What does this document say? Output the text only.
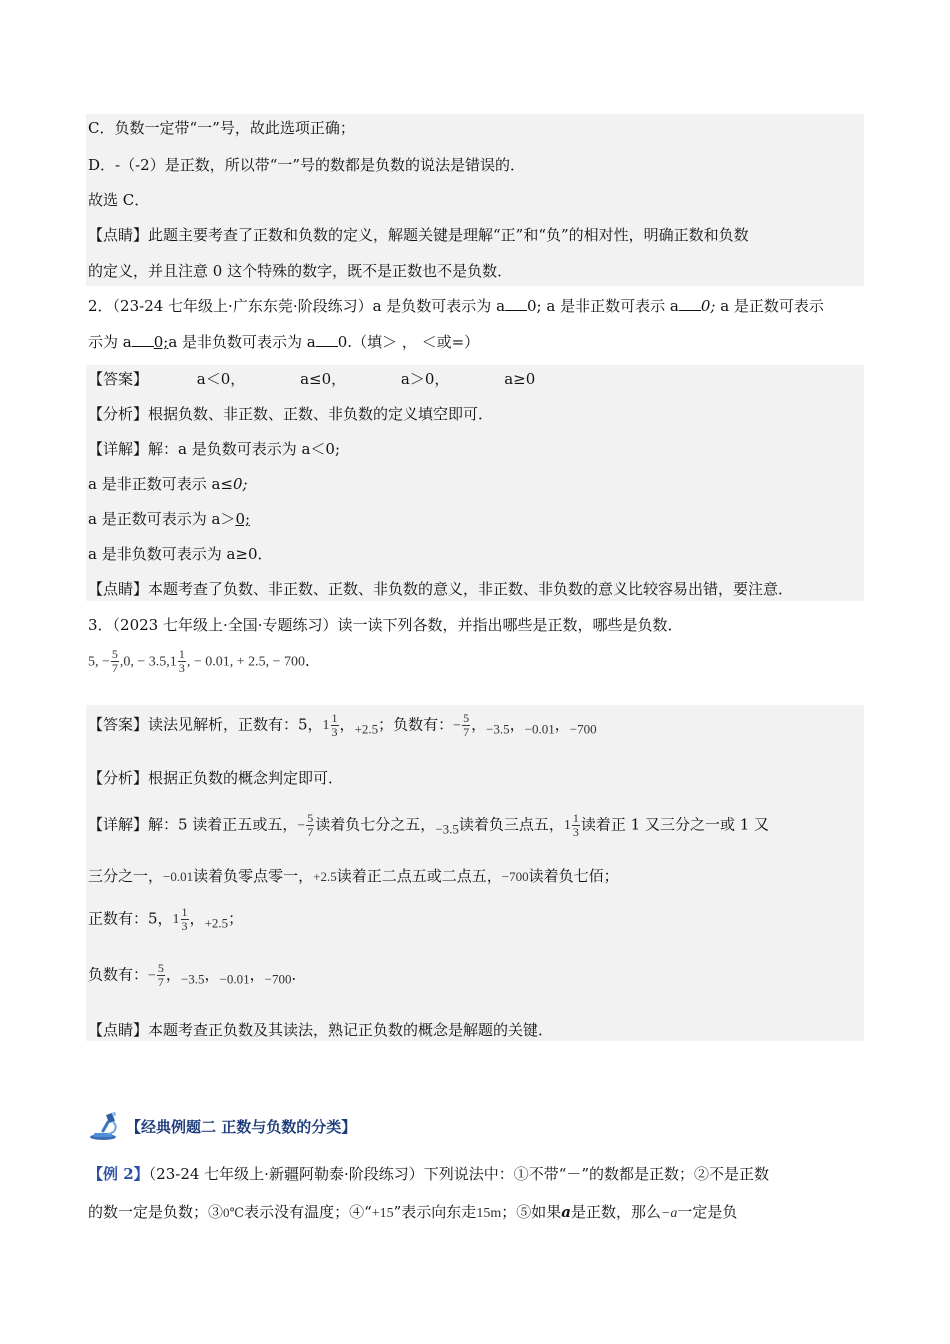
C．负数一定带“一”号，故此选项正确；
D．-（-2）是正数，所以带“一”号的数都是负数的说法是错误的．
故选 C．
【点睛】此题主要考查了正数和负数的定义，解题关键是理解“正”和“负”的相对性，明确正数和负数
的定义，并且注意 0 这个特殊的数字，既不是正数也不是负数．
2．（23-24 七年级上·广东东莞·阶段练习）a 是负数可表示为 a 0; a 是非正数可表示 a 0; a 是正数可表示
示为 a 0;a 是非负数可表示为 a 0.（填＞ ， ＜或=）
【答案】	a＜0，	a≤0，	a＞0，	a≥0
【分析】根据负数、非正数、正数、非负数的定义填空即可．
【详解】解：a 是负数可表示为 a＜0;
a 是非正数可表示 a≤0;
a 是正数可表示为 a＞0;
a 是非负数可表示为 a≥0．
【点睛】本题考查了负数、非正数、正数、非负数的意义，非正数、非负数的意义比较容易出错，要注意．
3．（2023 七年级上·全国·专题练习）读一读下列各数，并指出哪些是正数，哪些是负数．
5, − $\frac{5}{7} ,0$, − $3.5,1 \frac{1}{3}$ , − 0.01, + 2.5, − 700．
【答案】读法见解析，正数有：5，$1 \frac{1}{3}$ ，+2.5；负数有：− $\frac{5}{7}$ ，−3.5，−0.01，−700
【分析】根据正负数的概念判定即可．
【详解】解：5 读着正五或五，− $\frac{5}{7}$ 读着负七分之五，−3.5读着负三点五，$1 \frac{1}{3}$ 读着正 1 又三分之一或 1 又
三分之一，−0.01读着负零点零一，+2.5读着正二点五或二点五，−700读着负七佰；
正数有：5，$1 \frac{1}{3}$ ，+2.5；
负数有：− $\frac{5}{7}$ ，−3.5，−0.01，−700．
【点睛】本题考查正负数及其读法，熟记正负数的概念是解题的关键．
【经典例题二 正数与负数的分类】
【例 2】（23-24 七年级上·新疆阿勒泰·阶段练习）下列说法中：①不带“－”的数都是正数；②不是正数
的数一定是负数；③0℃表示没有温度；④“+15”表示向东走15m；⑤如果a是正数，那么−a一定是负
